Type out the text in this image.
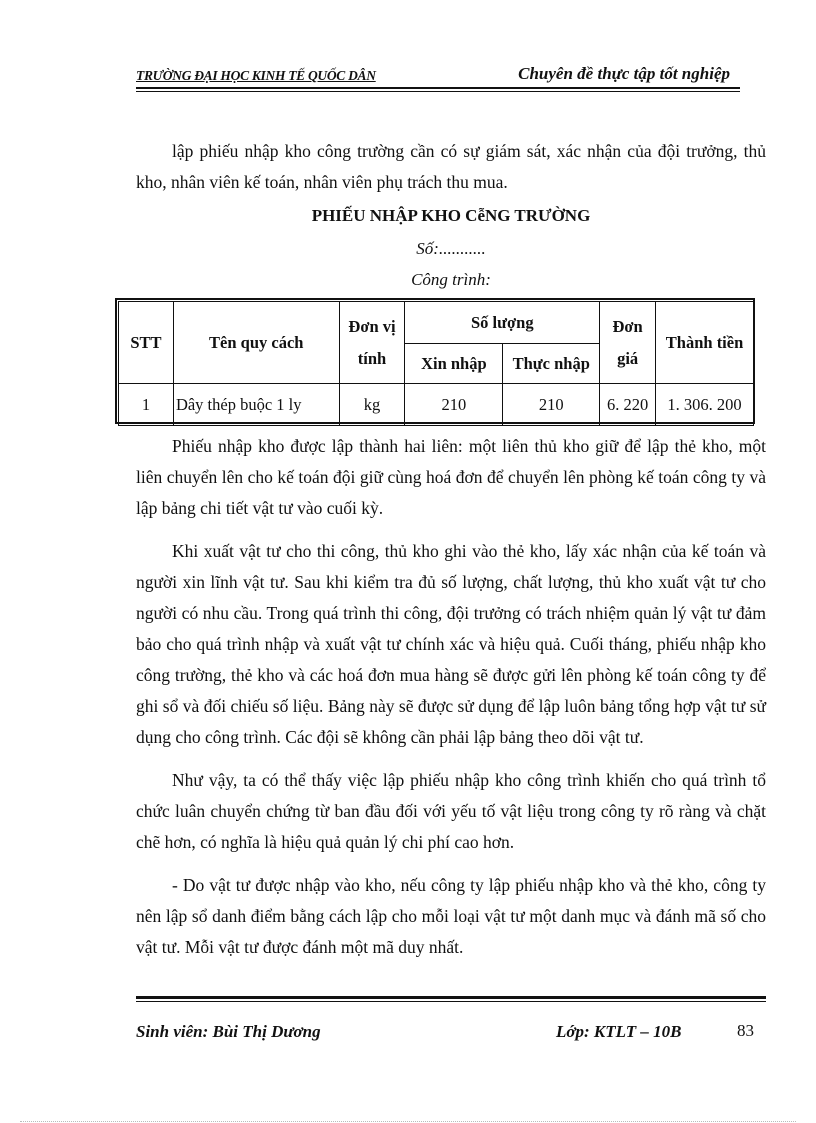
TRƯỜNG ĐẠI HỌC KINH TẾ QUỐC DÂN	Chuyên đề thực tập tốt nghiệp

lập phiếu nhập kho công trường cần có sự giám sát, xác nhận của đội trưởng, thủ kho, nhân viên kế toán, nhân viên phụ trách thu mua.

PHIẾU NHẬP KHO CễNG TRƯỜNG
Số:...........
Công trình:
STT	Tên quy cách	Đơn vị tính	Số lượng		Đơn giá	Thành tiền
			Xin nhập	Thực nhập		
1	Dây thép buộc 1 ly	kg	210	210	6. 220	1. 306. 200

Phiếu nhập kho được lập thành hai liên: một liên thủ kho giữ để lập thẻ kho, một liên chuyển lên cho kế toán đội giữ cùng hoá đơn để chuyển lên phòng kế toán công ty và lập bảng chi tiết vật tư vào cuối kỳ.

Khi xuất vật tư cho thi công, thủ kho ghi vào thẻ kho, lấy xác nhận của kế toán và người xin lĩnh vật tư. Sau khi kiểm tra đủ số lượng, chất lượng, thủ kho xuất vật tư cho người có nhu cầu. Trong quá trình thi công, đội trưởng có trách nhiệm quản lý vật tư đảm bảo cho quá trình nhập và xuất vật tư chính xác và hiệu quả. Cuối tháng, phiếu nhập kho công trường, thẻ kho và các hoá đơn mua hàng sẽ được gửi lên phòng kế toán công ty để ghi sổ và đối chiếu số liệu. Bảng này sẽ được sử dụng để lập luôn bảng tổng hợp vật tư sử dụng cho công trình. Các đội sẽ không cần phải lập bảng theo dõi vật tư.

Như vậy, ta có thể thấy việc lập phiếu nhập kho công trình khiến cho quá trình tổ chức luân chuyển chứng từ ban đầu đối với yếu tố vật liệu trong công ty rõ ràng và chặt chẽ hơn, có nghĩa là hiệu quả quản lý chi phí cao hơn.

- Do vật tư được nhập vào kho, nếu công ty lập phiếu nhập kho và thẻ kho, công ty nên lập sổ danh điểm bằng cách lập cho mỗi loại vật tư một danh mục và đánh mã số cho vật tư. Mỗi vật tư được đánh một mã duy nhất.

Sinh viên: Bùi Thị Dương	Lớp: KTLT – 10B	83
